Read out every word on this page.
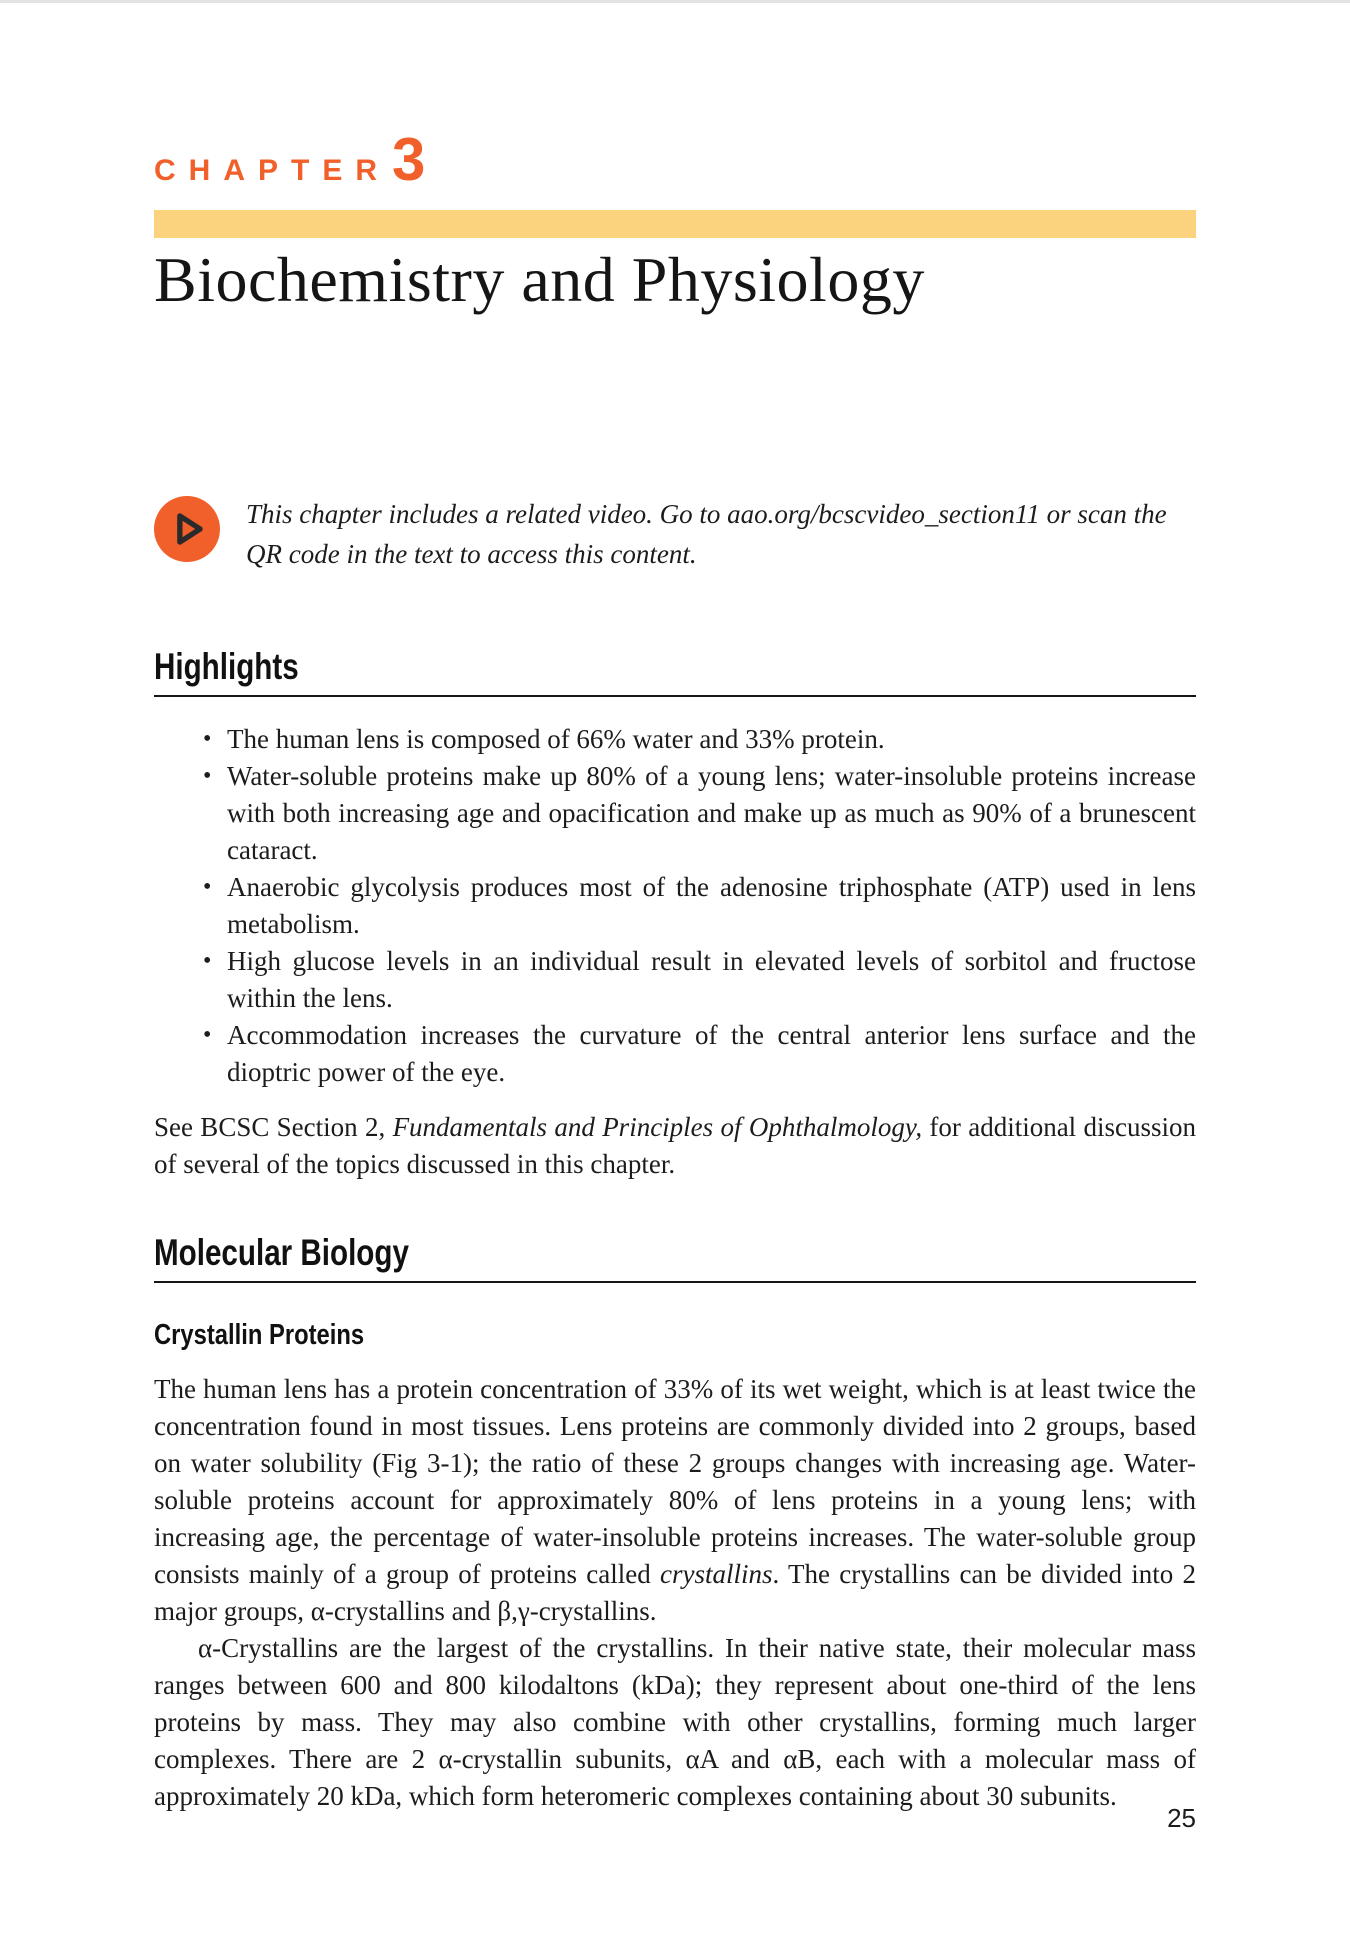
CHAPTER3
Biochemistry and Physiology

This chapter includes a related video. Go to aao.org/bcscvideo_section11 or scan the QR code in the text to access this content.

Highlights
• The human lens is composed of 66% water and 33% protein.
• Water-soluble proteins make up 80% of a young lens; water-insoluble proteins increase with both increasing age and opacification and make up as much as 90% of a brunescent cataract.
• Anaerobic glycolysis produces most of the adenosine triphosphate (ATP) used in lens metabolism.
• High glucose levels in an individual result in elevated levels of sorbitol and fructose within the lens.
• Accommodation increases the curvature of the central anterior lens surface and the dioptric power of the eye.

See BCSC Section 2, Fundamentals and Principles of Ophthalmology, for additional discussion of several of the topics discussed in this chapter.

Molecular Biology
Crystallin Proteins

The human lens has a protein concentration of 33% of its wet weight, which is at least twice the concentration found in most tissues. Lens proteins are commonly divided into 2 groups, based on water solubility (Fig 3-1); the ratio of these 2 groups changes with increasing age. Water-soluble proteins account for approximately 80% of lens proteins in a young lens; with increasing age, the percentage of water-insoluble proteins increases. The water-soluble group consists mainly of a group of proteins called crystallins. The crystallins can be divided into 2 major groups, α-crystallins and β,γ-crystallins.

α-Crystallins are the largest of the crystallins. In their native state, their molecular mass ranges between 600 and 800 kilodaltons (kDa); they represent about one-third of the lens proteins by mass. They may also combine with other crystallins, forming much larger complexes. There are 2 α-crystallin subunits, αA and αB, each with a molecular mass of approximately 20 kDa, which form heteromeric complexes containing about 30 subunits.

25
